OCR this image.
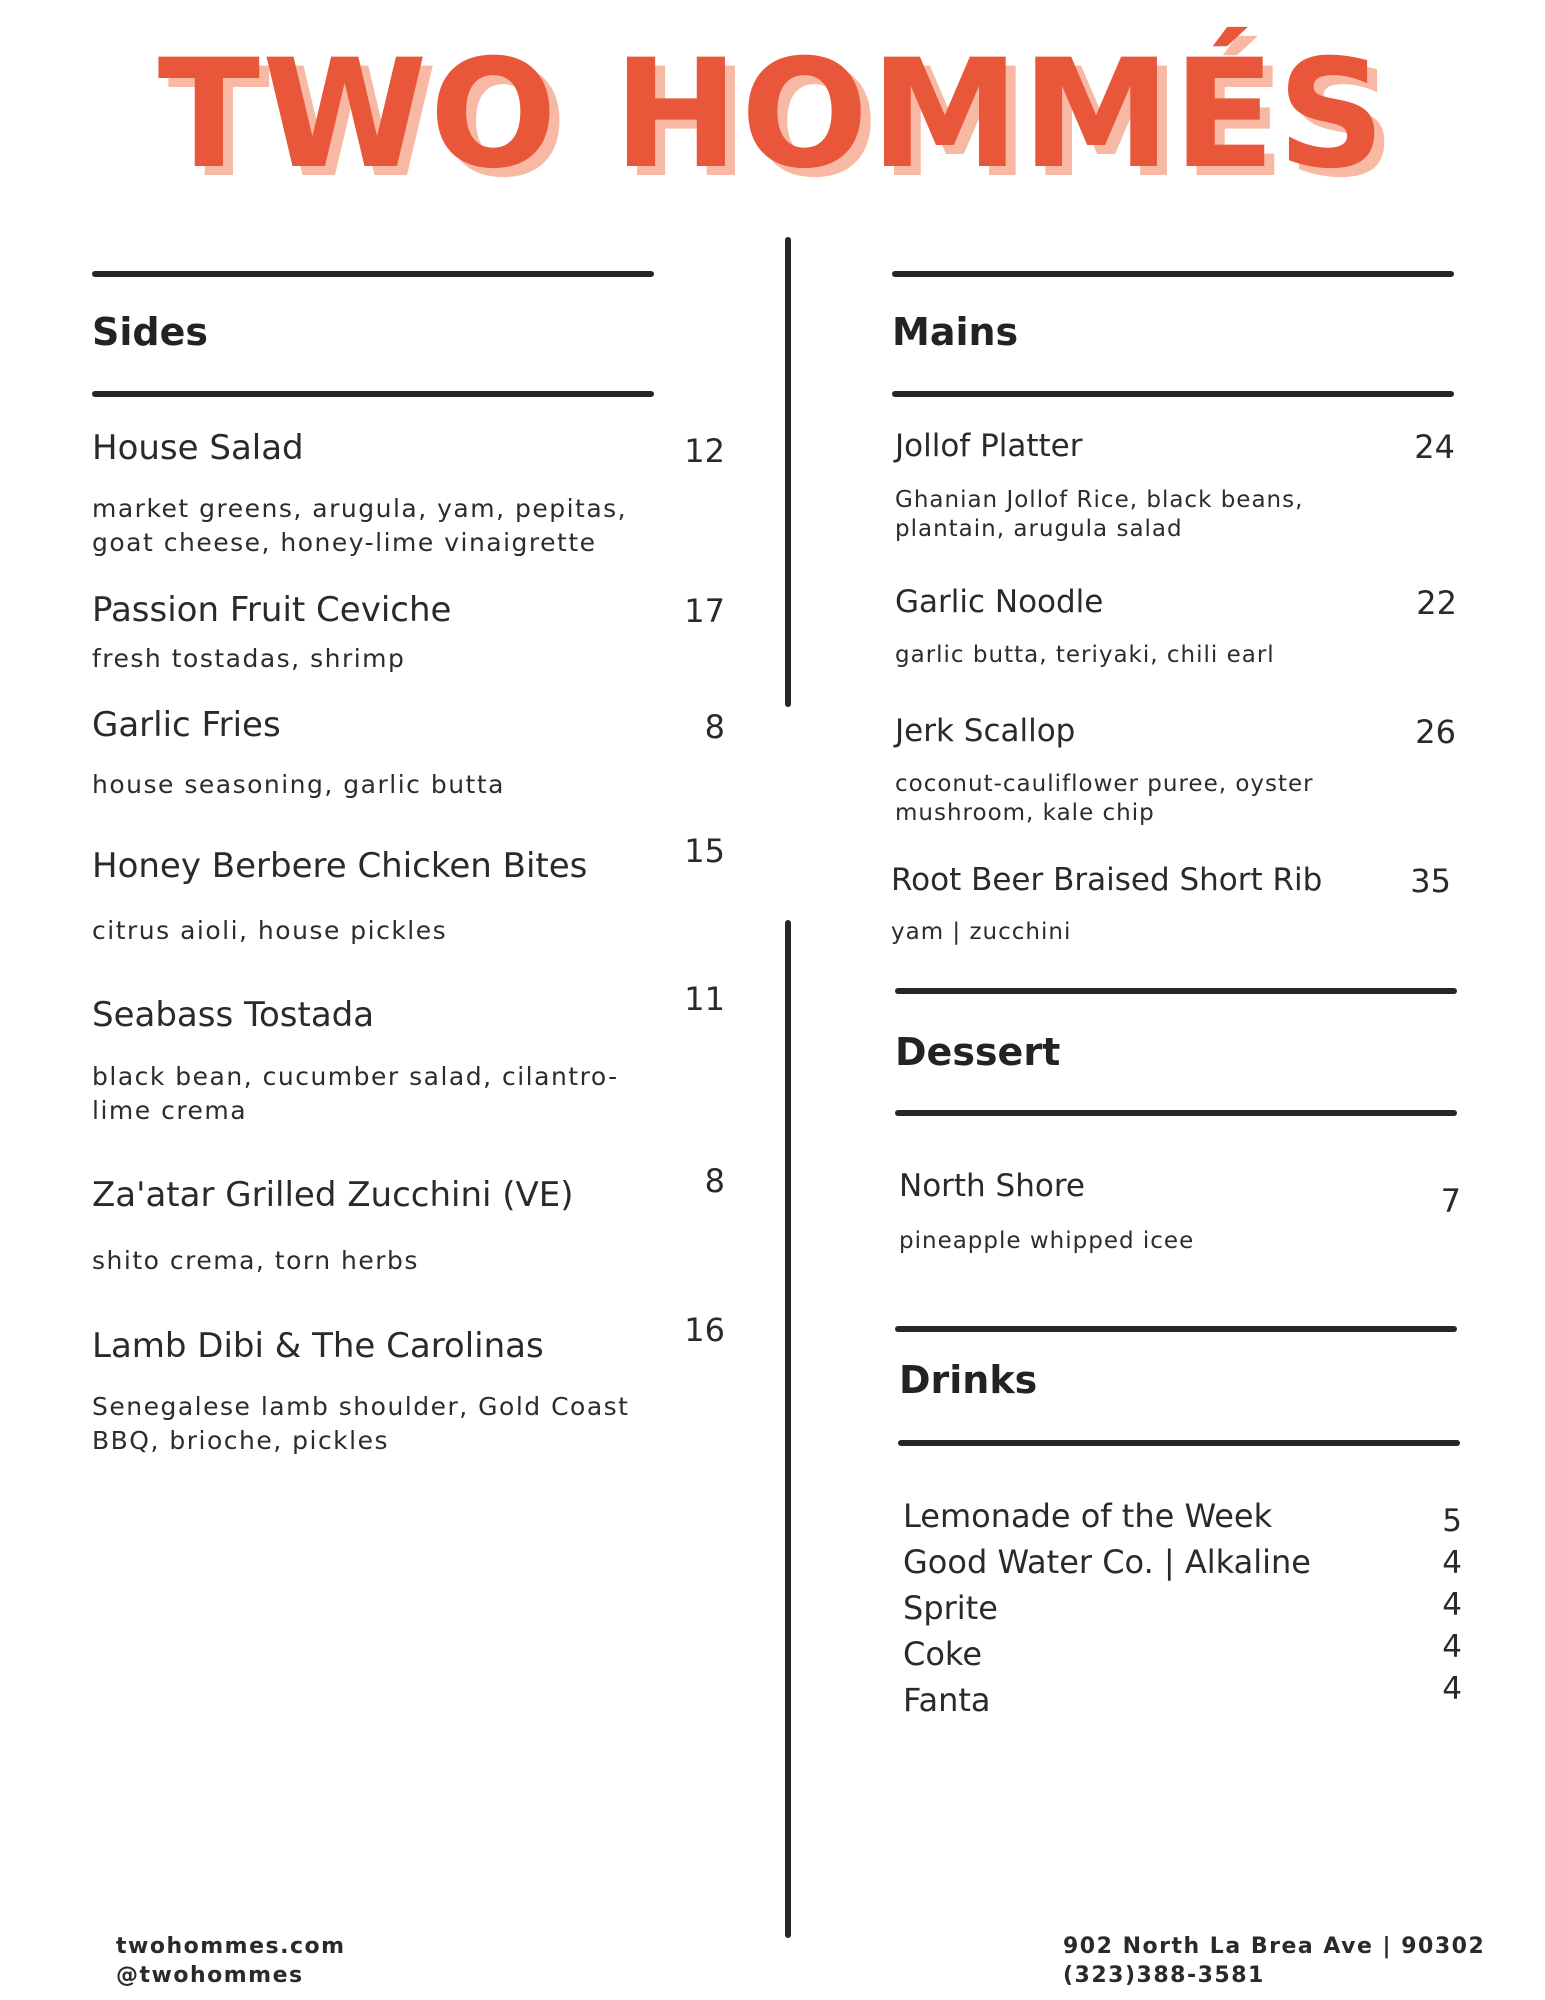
TWO HOMMÉS
Sides
House Salad	12
market greens, arugula, yam, pepitas, goat cheese, honey-lime vinaigrette
Passion Fruit Ceviche	17
fresh tostadas, shrimp
Garlic Fries	8
house seasoning, garlic butta
Honey Berbere Chicken Bites	15
citrus aioli, house pickles
Seabass Tostada	11
black bean, cucumber salad, cilantro-lime crema
Za'atar Grilled Zucchini (VE)	8
shito crema, torn herbs
Lamb Dibi & The Carolinas	16
Senegalese lamb shoulder, Gold Coast BBQ, brioche, pickles
Mains
Jollof Platter	24
Ghanian Jollof Rice, black beans, plantain, arugula salad
Garlic Noodle	22
garlic butta, teriyaki, chili earl
Jerk Scallop	26
coconut-cauliflower puree, oyster mushroom, kale chip
Root Beer Braised Short Rib	35
yam | zucchini
Dessert
North Shore	7
pineapple whipped icee
Drinks
Lemonade of the Week	5
Good Water Co. | Alkaline	4
Sprite	4
Coke	4
Fanta	4
twohommes.com
@twohommes
902 North La Brea Ave | 90302
(323)388-3581
